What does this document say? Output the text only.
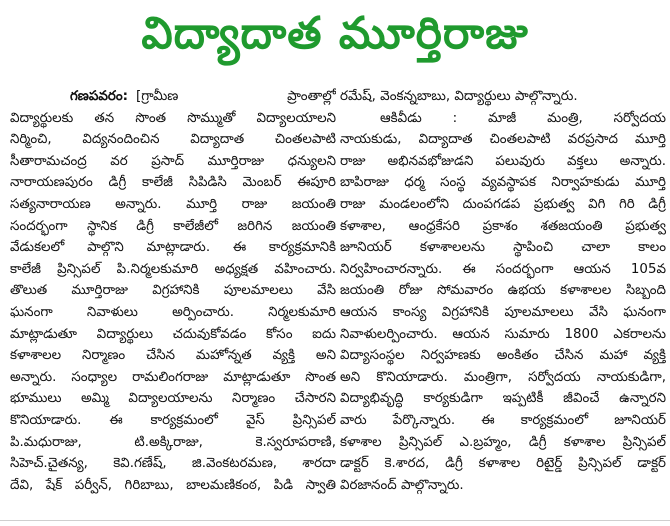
విద్యాదాత మూర్తిరాజు
గణపవరం: [గ్రామీణ ప్రాంతాల్లో
విద్యార్థులకు తన సొంత సొమ్ముతో విద్యాలయాలని
నిర్మించి, విద్యనందించిన విద్యాదాత చింతలపాటి
సీతారామచంద్ర వర ప్రసాద్ మూర్తిరాజు ధన్యులని
నారాయణపురం డిగ్రీ కాలేజీ సిపిడిసి మెంబర్ ఈపూరి
సత్యనారాయణ అన్నారు. మూర్తి రాజు జయంతి
సందర్భంగా స్థానిక డిగ్రీ కాలేజీలో జరిగిన జయంతి
వేడుకలలో పాల్గొని మాట్లాడారు. ఈ కార్యక్రమానికి
కాలేజీ ప్రిన్సిపల్ పి.నిర్మలకుమారి అధ్యక్షత వహించారు.
తొలుత మూర్తిరాజు విగ్రహానికి పూలమాలలు వేసి
ఘనంగా నివాళులు అర్పించారు. నిర్మలకుమారి
మాట్లాడుతూ విద్యార్థులు చదువుకోవడం కోసం ఐదు
కళాశాలల నిర్మాణం చేసిన మహోన్నత వ్యక్తి అని
అన్నారు. సంధ్యాల రామలింగరాజు మాట్లాడుతూ సొంత
భూములు అమ్మి విద్యాలయాలను నిర్మాణం చేసారని
కొనియాడారు. ఈ కార్యక్రమంలో వైస్ ప్రిన్సిపల్
పి.మధురాజు, టి.అక్కిరాజు, కె.స్వరూపరాణి,
సిహెచ్.చైతన్య, కెవి.గణేష్, జి.వెంకటరమణ, శారదా
దేవి, షేక్ పర్వీన్, గిరిబాబు, బాలమణికంఠ, పిడి స్వాతి
రమేష్, వెంకన్నబాబు, విద్యార్థులు పాల్గొన్నారు.
ఆకివీడు : మాజీ మంత్రి, సర్వోదయ
నాయకుడు, విద్యాదాత చింతలపాటి వరప్రసాద మూర్తి
రాజు అభినవభోజుడని పలువురు వక్తలు అన్నారు.
బాపిరాజు ధర్మ సంస్థ వ్యవస్థాపక నిర్వాహకుడు మూర్తి
రాజు మండలంలోని దుంపగడప ప్రభుత్వ విగి గిరి డిగ్రీ
కళాశాల, ఆంధ్రకేసరి ప్రకాశం శతజయంతి ప్రభుత్వ
జూనియర్ కళాశాలలను స్థాపించి చాలా కాలం
నిర్వహించారన్నారు. ఈ సందర్భంగా ఆయన 105వ
జయంతి రోజు సోమవారం ఉభయ కళాశాలల సిబ్బంది
ఆయన కాంస్య విగ్రహానికి పూలమాలలు వేసి ఘనంగా
నివాళులర్పించారు. ఆయన సుమారు 1800 ఎకరాలను
విద్యాసంస్థల నిర్వహణకు అంకితం చేసిన మహా వ్యక్తి
అని కొనియాడారు. మంత్రిగా, సర్వోదయ నాయకుడిగా,
విద్యాభివృద్ధి కార్యకుడిగా ఇప్పటికీ జీవించే ఉన్నారని
వారు పేర్కొన్నారు. ఈ కార్యక్రమంలో జూనియర్
కళాశాల ప్రిన్సిపల్ ఎ.బ్రహ్మం, డిగ్రీ కళాశాల ప్రిన్సిపల్
డాక్టర్ కె.శారద, డిగ్రీ కళాశాల రిటైర్డ్ ప్రిన్సిపల్ డాక్టర్
విరజానంద్ పాల్గొన్నారు.
